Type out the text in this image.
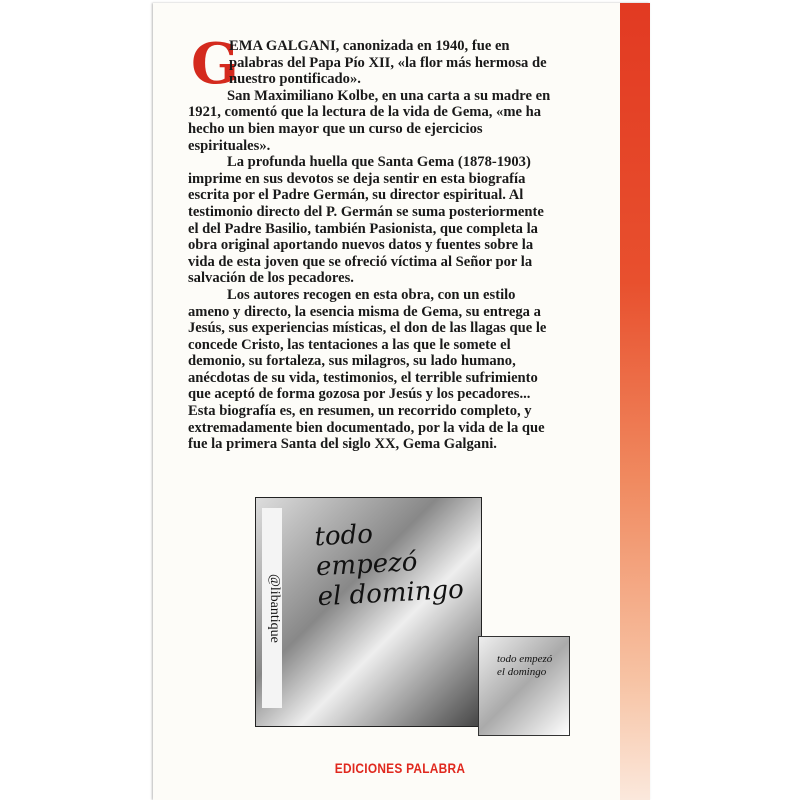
G
EMA GALGANI, canonizada en 1940, fue en
palabras del Papa Pío XII, «la flor más hermosa de
nuestro pontificado».
San Maximiliano Kolbe, en una carta a su madre en
1921, comentó que la lectura de la vida de Gema, «me ha
hecho un bien mayor que un curso de ejercicios
espirituales».
La profunda huella que Santa Gema (1878-1903)
imprime en sus devotos se deja sentir en esta biografía
escrita por el Padre Germán, su director espiritual. Al
testimonio directo del P. Germán se suma posteriormente
el del Padre Basilio, también Pasionista, que completa la
obra original aportando nuevos datos y fuentes sobre la
vida de esta joven que se ofreció víctima al Señor por la
salvación de los pecadores.
Los autores recogen en esta obra, con un estilo
ameno y directo, la esencia misma de Gema, su entrega a
Jesús, sus experiencias místicas, el don de las llagas que le
concede Cristo, las tentaciones a las que le somete el
demonio, su fortaleza, sus milagros, su lado humano,
anécdotas de su vida, testimonios, el terrible sufrimiento
que aceptó de forma gozosa por Jesús y los pecadores...
Esta biografía es, en resumen, un recorrido completo, y
extremadamente bien documentado, por la vida de la que
fue la primera Santa del siglo XX, Gema Galgani.
@libantique
todo empezó
el domingo
todo empezó
el domingo
EDICIONES PALABRA
